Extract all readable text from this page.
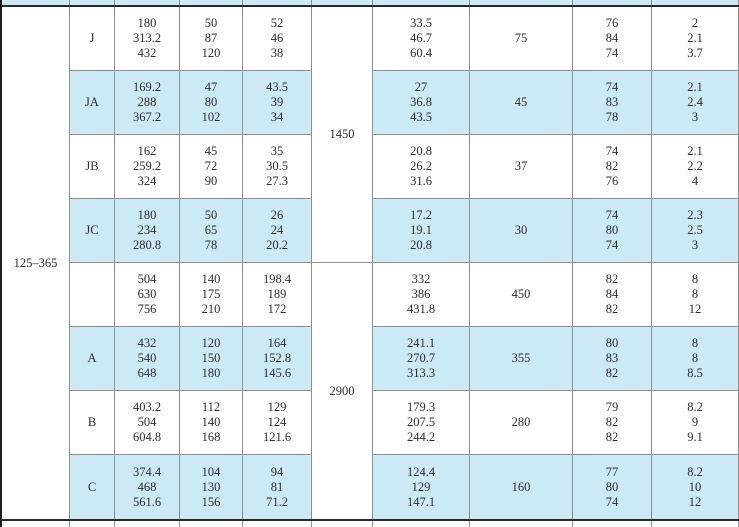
125–365
1450
2900
J
180
313.2
432
50
87
120
52
46
38
33.5
46.7
60.4
75
76
84
74
2
2.1
3.7
JA
169.2
288
367.2
47
80
102
43.5
39
34
27
36.8
43.5
45
74
83
78
2.1
2.4
3
JB
162
259.2
324
45
72
90
35
30.5
27.3
20.8
26.2
31.6
37
74
82
76
2.1
2.2
4
JC
180
234
280.8
50
65
78
26
24
20.2
17.2
19.1
20.8
30
74
80
74
2.3
2.5
3
504
630
756
140
175
210
198.4
189
172
332
386
431.8
450
82
84
82
8
8
12
A
432
540
648
120
150
180
164
152.8
145.6
241.1
270.7
313.3
355
80
83
82
8
8
8.5
B
403.2
504
604.8
112
140
168
129
124
121.6
179.3
207.5
244.2
280
79
82
82
8.2
9
9.1
C
374.4
468
561.6
104
130
156
94
81
71.2
124.4
129
147.1
160
77
80
74
8.2
10
12
